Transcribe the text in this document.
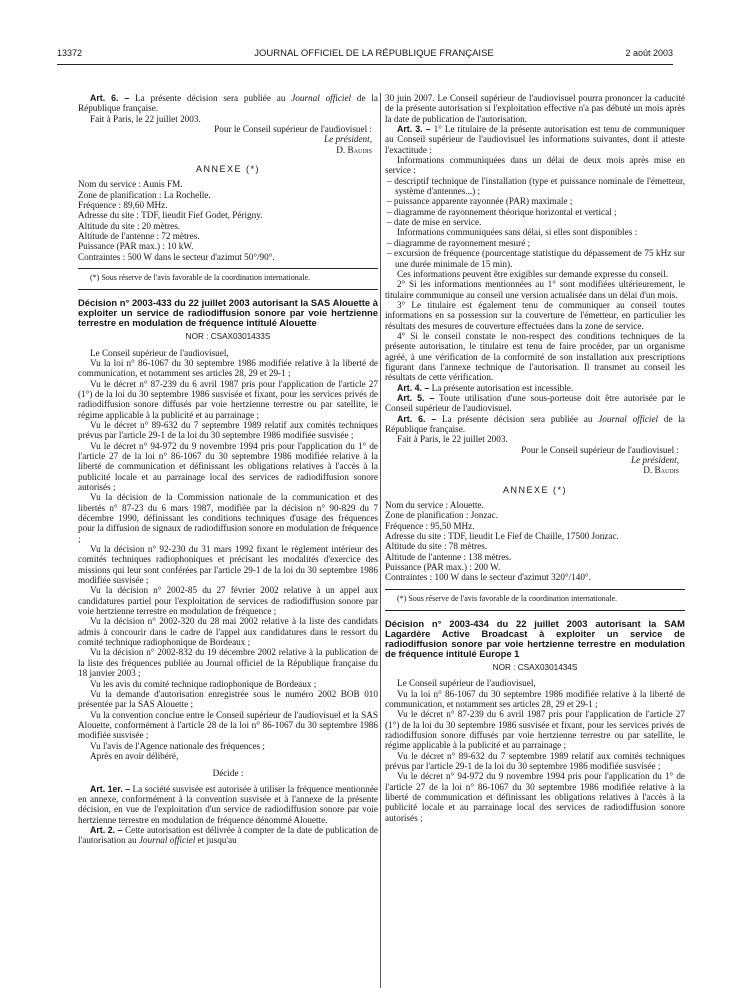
13372	JOURNAL OFFICIEL DE LA RÉPUBLIQUE FRANÇAISE	2 août 2003

Art. 6. – La présente décision sera publiée au Journal officiel de la République française.

Fait à Paris, le 22 juillet 2003.

Pour le Conseil supérieur de l'audiovisuel :

Le président,

D. Baudis

ANNEXE (*)

Nom du service : Aunis FM.

Zone de planification : La Rochelle.

Fréquence : 89,60 MHz.

Adresse du site : TDF, lieudit Fief Godet, Périgny.

Altitude du site : 20 mètres.

Altitude de l'antenne : 72 mètres.

Puissance (PAR max.) : 10 kW.

Contraintes : 500 W dans le secteur d'azimut 50°/90°.

(*) Sous réserve de l'avis favorable de la coordination internationale.

Décision n° 2003-433 du 22 juillet 2003 autorisant la SAS Alouette à exploiter un service de radiodiffusion sonore par voie hertzienne terrestre en modulation de fréquence intitulé Alouette

NOR : CSAX0301433S

Le Conseil supérieur de l'audiovisuel,

Vu la loi n° 86-1067 du 30 septembre 1986 modifiée relative à la liberté de communication, et notamment ses articles 28, 29 et 29-1 ;

Vu le décret n° 87-239 du 6 avril 1987 pris pour l'application de l'article 27 (1°) de la loi du 30 septembre 1986 susvisée et fixant, pour les services privés de radiodiffusion sonore diffusés par voie hertzienne terrestre ou par satellite, le régime applicable à la publicité et au parrainage ;

Vu le décret n° 89-632 du 7 septembre 1989 relatif aux comités techniques prévus par l'article 29-1 de la loi du 30 septembre 1986 modifiée susvisée ;

Vu le décret n° 94-972 du 9 novembre 1994 pris pour l'application du 1° de l'article 27 de la loi n° 86-1067 du 30 septembre 1986 modifiée relative à la liberté de communication et définissant les obligations relatives à l'accès à la publicité locale et au parrainage local des services de radiodiffusion sonore autorisés ;

Vu la décision de la Commission nationale de la communication et des libertés n° 87-23 du 6 mars 1987, modifiée par la décision n° 90-829 du 7 décembre 1990, définissant les conditions techniques d'usage des fréquences pour la diffusion de signaux de radiodiffusion sonore en modulation de fréquence ;

Vu la décision n° 92-230 du 31 mars 1992 fixant le règlement intérieur des comités techniques radiophoniques et précisant les modalités d'exercice des missions qui leur sont conférées par l'article 29-1 de la loi du 30 septembre 1986 modifiée susvisée ;

Vu la décision n° 2002-85 du 27 février 2002 relative à un appel aux candidatures partiel pour l'exploitation de services de radiodiffusion sonore par voie hertzienne terrestre en modulation de fréquence ;

Vu la décision n° 2002-320 du 28 mai 2002 relative à la liste des candidats admis à concourir dans le cadre de l'appel aux candidatures dans le ressort du comité technique radiophonique de Bordeaux ;

Vu la décision n° 2002-832 du 19 décembre 2002 relative à la publication de la liste des fréquences publiée au Journal officiel de la République française du 18 janvier 2003 ;

Vu les avis du comité technique radiophonique de Bordeaux ;

Vu la demande d'autorisation enregistrée sous le numéro 2002 BOB 010 présentée par la SAS Alouette ;

Vu la convention conclue entre le Conseil supérieur de l'audiovisuel et la SAS Alouette, conformément à l'article 28 de la loi n° 86-1067 du 30 septembre 1986 modifiée susvisée ;

Vu l'avis de l'Agence nationale des fréquences ;

Après en avoir délibéré,

Décide :

Art. 1er. – La société susvisée est autorisée à utiliser la fréquence mentionnée en annexe, conformément à la convention susvisée et à l'annexe de la présente décision, en vue de l'exploitation d'un service de radiodiffusion sonore par voie hertzienne terrestre en modulation de fréquence dénommé Alouette.

Art. 2. – Cette autorisation est délivrée à compter de la date de publication de l'autorisation au Journal officiel et jusqu'au

30 juin 2007. Le Conseil supérieur de l'audiovisuel pourra prononcer la caducité de la présente autorisation si l'exploitation effective n'a pas débuté un mois après la date de publication de l'autorisation.

Art. 3. – 1° Le titulaire de la présente autorisation est tenu de communiquer au Conseil supérieur de l'audiovisuel les informations suivantes, dont il atteste l'exactitude :

Informations communiquées dans un délai de deux mois après mise en service :

– descriptif technique de l'installation (type et puissance nominale de l'émetteur, système d'antennes...) ;

– puissance apparente rayonnée (PAR) maximale ;

– diagramme de rayonnement théorique horizontal et vertical ;

– date de mise en service.

Informations communiquées sans délai, si elles sont disponibles :

– diagramme de rayonnement mesuré ;

– excursion de fréquence (pourcentage statistique du dépassement de 75 kHz sur une durée minimale de 15 min).

Ces informations peuvent être exigibles sur demande expresse du conseil.

2° Si les informations mentionnées au 1° sont modifiées ultérieurement, le titulaire communique au conseil une version actualisée dans un délai d'un mois.

3° Le titulaire est également tenu de communiquer au conseil toutes informations en sa possession sur la couverture de l'émetteur, en particulier les résultats des mesures de couverture effectuées dans la zone de service.

4° Si le conseil constate le non-respect des conditions techniques de la présente autorisation, le titulaire est tenu de faire procéder, par un organisme agréé, à une vérification de la conformité de son installation aux prescriptions figurant dans l'annexe technique de l'autorisation. Il transmet au conseil les résultats de cette vérification.

Art. 4. – La présente autorisation est incessible.

Art. 5. – Toute utilisation d'une sous-porteuse doit être autorisée par le Conseil supérieur de l'audiovisuel.

Art. 6. – La présente décision sera publiée au Journal officiel de la République française.

Fait à Paris, le 22 juillet 2003.

Pour le Conseil supérieur de l'audiovisuel :

Le président,

D. Baudis

ANNEXE (*)

Nom du service : Alouette.

Zone de planification : Jonzac.

Fréquence : 95,50 MHz.

Adresse du site : TDF, lieudit Le Fief de Chaille, 17500 Jonzac.

Altitude du site : 78 mètres.

Altitude de l'antenne : 138 mètres.

Puissance (PAR max.) : 200 W.

Contraintes : 100 W dans le secteur d'azimut 320°/140°.

(*) Sous réserve de l'avis favorable de la coordination internationale.

Décision n° 2003-434 du 22 juillet 2003 autorisant la SAM Lagardère Active Broadcast à exploiter un service de radiodiffusion sonore par voie hertzienne terrestre en modulation de fréquence intitulé Europe 1

NOR : CSAX0301434S

Le Conseil supérieur de l'audiovisuel,

Vu la loi n° 86-1067 du 30 septembre 1986 modifiée relative à la liberté de communication, et notamment ses articles 28, 29 et 29-1 ;

Vu le décret n° 87-239 du 6 avril 1987 pris pour l'application de l'article 27 (1°) de la loi du 30 septembre 1986 susvisée et fixant, pour les services privés de radiodiffusion sonore diffusés par voie hertzienne terrestre ou par satellite, le régime applicable à la publicité et au parrainage ;

Vu le décret n° 89-632 du 7 septembre 1989 relatif aux comités techniques prévus par l'article 29-1 de la loi du 30 septembre 1986 modifiée susvisée ;

Vu le décret n° 94-972 du 9 novembre 1994 pris pour l'application du 1° de l'article 27 de la loi n° 86-1067 du 30 septembre 1986 modifiée relative à la liberté de communication et définissant les obligations relatives à l'accès à la publicité locale et au parrainage local des services de radiodiffusion sonore autorisés ;
